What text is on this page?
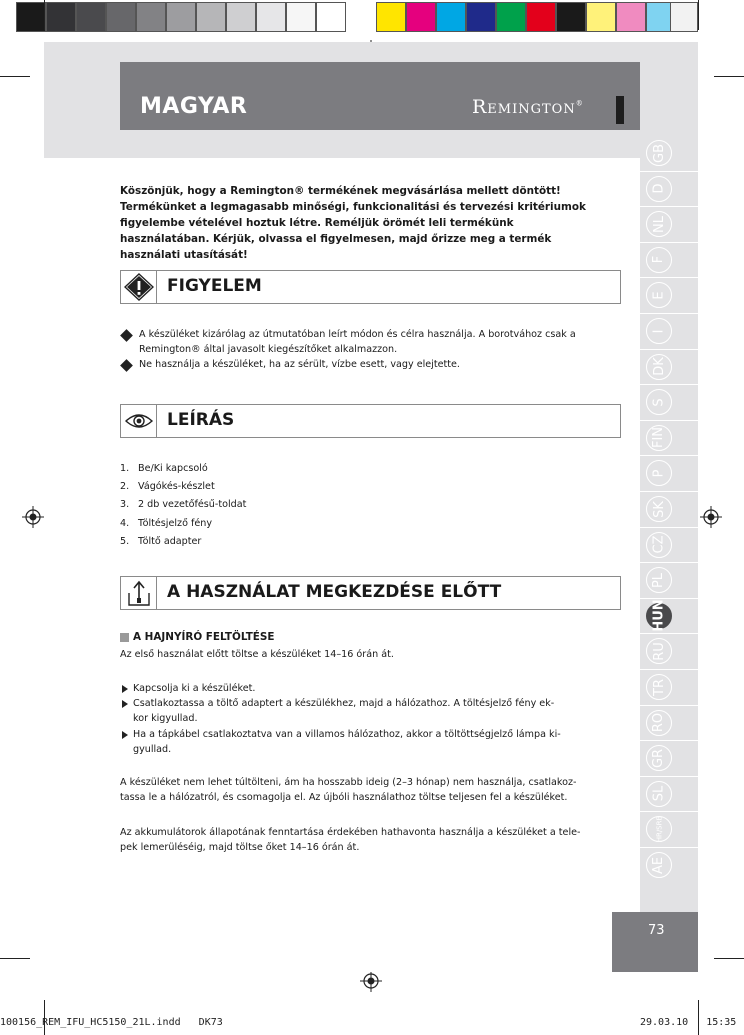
MAGYAR	Remington®
GB
D
NL
F
E
I
DK
S
FIN
P
SK
CZ
PL
HUN
RU
TR
RO
GR
SL
HR/SRB
AE
Köszönjük, hogy a Remington® termékének megvásárlása mellett döntött! Termékünket a legmagasabb minőségi, funkcionalitási és tervezési kritériumok figyelembe vételével hoztuk létre. Reméljük örömét leli termékünk használatában. Kérjük, olvassa el figyelmesen, majd őrizze meg a termék használati utasítását!
FIGYELEM
A készüléket kizárólag az útmutatóban leírt módon és célra használja. A borotvához csak a Remington® által javasolt kiegészítőket alkalmazzon.
Ne használja a készüléket, ha az sérült, vízbe esett, vagy elejtette.
LEÍRÁS
1. Be/Ki kapcsoló
2. Vágókés-készlet
3. 2 db vezetőfésű-toldat
4. Töltésjelző fény
5. Töltő adapter
A HASZNÁLAT MEGKEZDÉSE ELŐTT
A HAJNYÍRÓ FELTÖLTÉSE
Az első használat előtt töltse a készüléket 14–16 órán át.
Kapcsolja ki a készüléket.
Csatlakoztassa a töltő adaptert a készülékhez, majd a hálózathoz. A töltésjelző fény ek-
kor kigyullad.
Ha a tápkábel csatlakoztatva van a villamos hálózathoz, akkor a töltöttségjelző lámpa ki-
gyullad.
A készüléket nem lehet túltölteni, ám ha hosszabb ideig (2–3 hónap) nem használja, csatlakoz-
tassa le a hálózatról, és csomagolja el. Az újbóli használathoz töltse teljesen fel a készüléket.
Az akkumulátorok állapotának fenntartása érdekében hathavonta használja a készüléket a tele-
pek lemerüléséig, majd töltse őket 14–16 órán át.
73
100156_REM_IFU_HC5150_21L.indd   DK73	29.03.10   15:35
